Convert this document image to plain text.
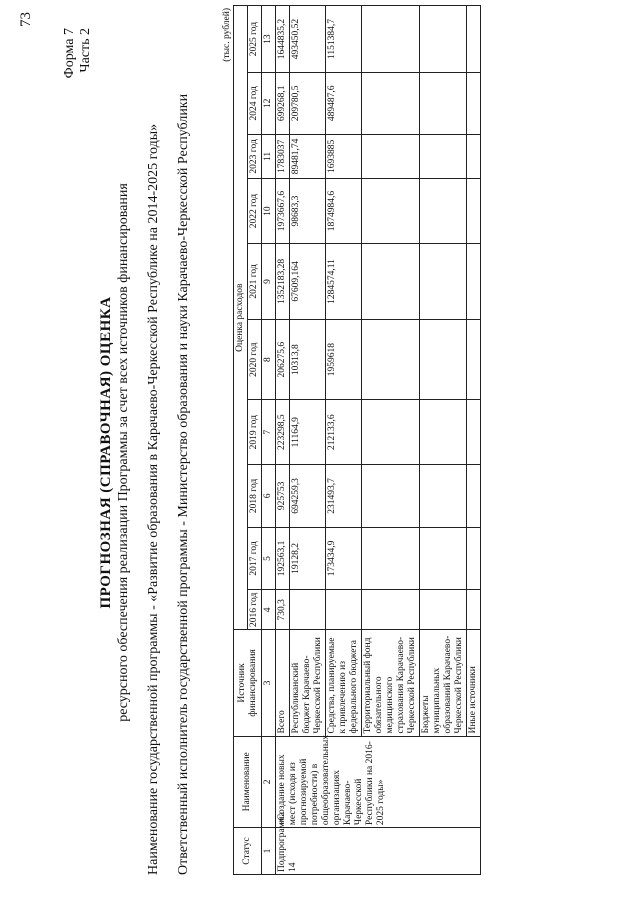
73
Форма 7 Часть 2
ПРОГНОЗНАЯ (СПРАВОЧНАЯ) ОЦЕНКА ресурсного обеспечения реализации Программы за счет всех источников финансирования Наименование государственной программы - «Развитие образования в Карачаево-Черкесской Республике на 2014-2025 годы» Ответственный исполнитель государственной программы - Министерство образования и науки Карачаево-Черкесской Республики
(тыс. рублей)
Статус	Наименование	Источник финансирования	Оценка расходов									
			2016 год	2017 год	2018 год	2019 год	2020 год	2021 год	2022 год	2023 год	2024 год	2025 год
1	2	3	4	5	6	7	8	9	10	11	12	13
Подпрограмма 14	«Создание новых мест (исходя из прогнозируемой потребности) в общеобразовательных организациях Карачаево-Черкесской Республики на 2016-2025 годы»	Всего	730,3	192563,1	925753	223298,5	206275,6	1352183,28	1973667,6	1783037	699268,1	1644835,2
		Республиканский бюджет Карачаево-Черкесской Республики		19128,2	694259,3	11164,9	10313,8	67609,164	98683,3	89481,74	209780,5	493450,52
		Средства, планируемые к привлечению из федерального бюджета		173434,9	231493,7	212133,6	1959618	1284574,11	1874984,6	1693885	489487,6	1151384,7
		Территориальный фонд обязательного медицинского страхования Карачаево-Черкесской Республики										
		Бюджеты муниципальных образований Карачаево-Черкесской Республики										
		Иные источники										
